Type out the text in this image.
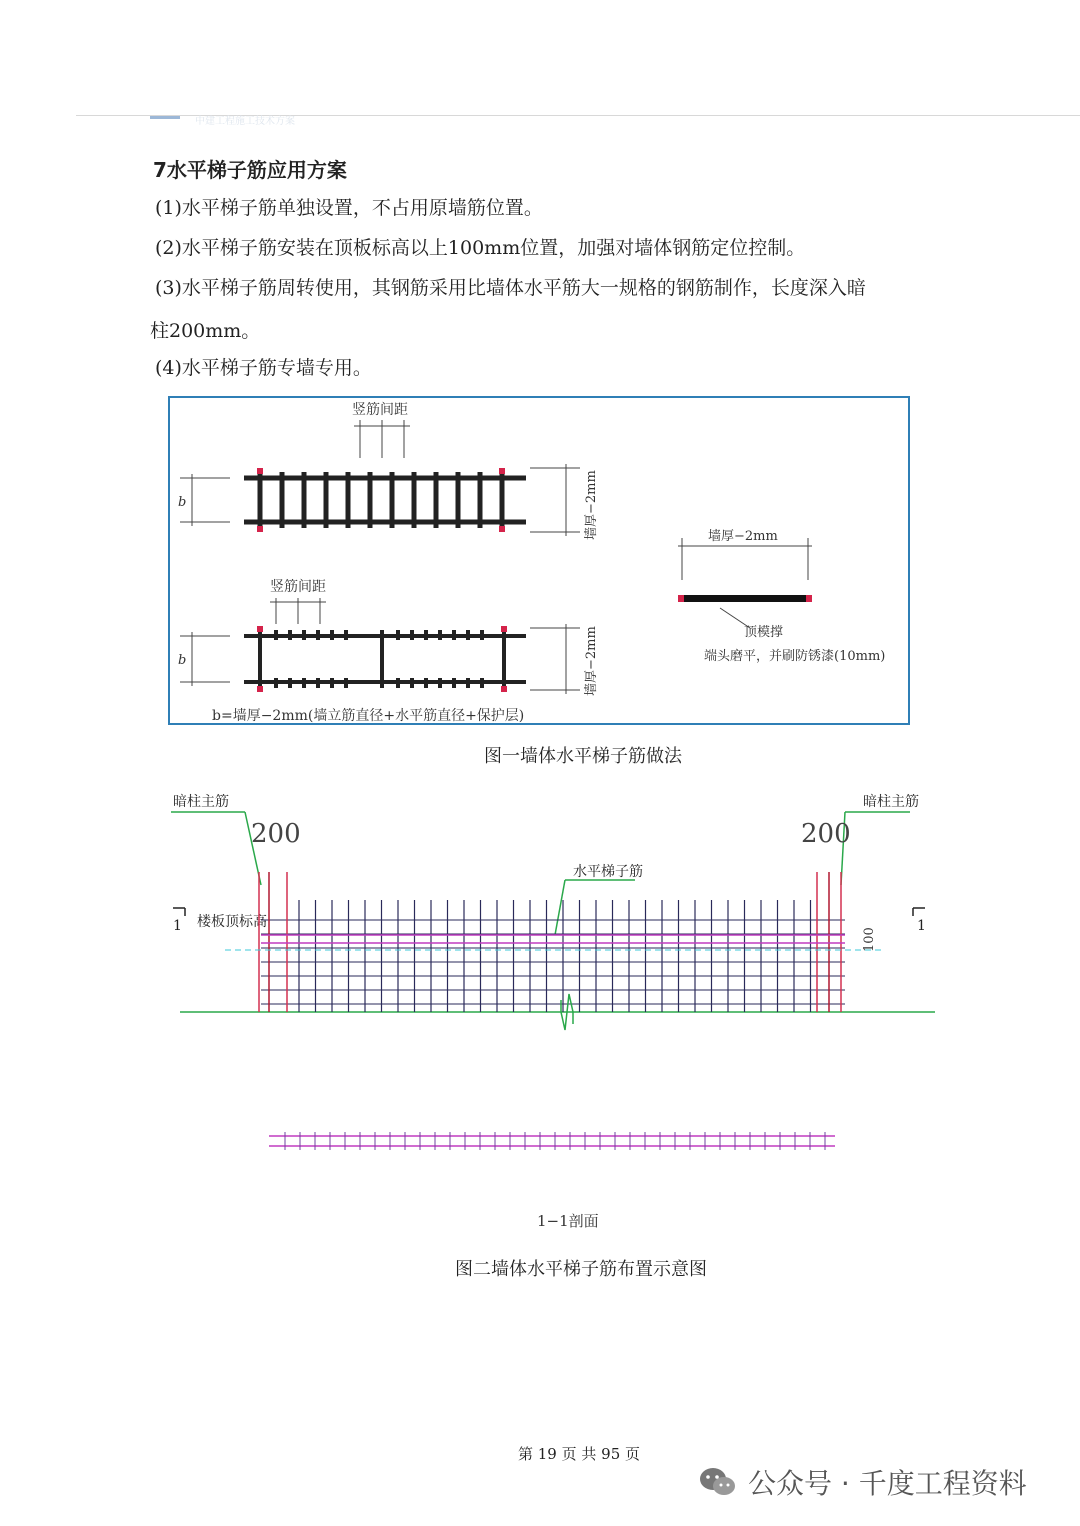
中建工程施工技术方案
7水平梯子筋应用方案
(1)水平梯子筋单独设置，不占用原墙筋位置。
(2)水平梯子筋安装在顶板标高以上100mm位置，加强对墙体钢筋定位控制。
(3)水平梯子筋周转使用，其钢筋采用比墙体水平筋大一规格的钢筋制作，长度深入暗
柱200mm。
(4)水平梯子筋专墙专用。
竖筋间距
b	墙厚−2mm
竖筋间距
b	墙厚−2mm
b=墙厚−2mm(墙立筋直径+水平筋直径+保护层)
墙厚−2mm
顶模撑
端头磨平，并刷防锈漆(10mm)
图一墙体水平梯子筋做法
暗柱主筋	暗柱主筋
200	200
水平梯子筋
楼板顶标高
1	1
100
1−1剖面
图二墙体水平梯子筋布置示意图
第 19 页 共 95 页
公众号 · 千度工程资料
